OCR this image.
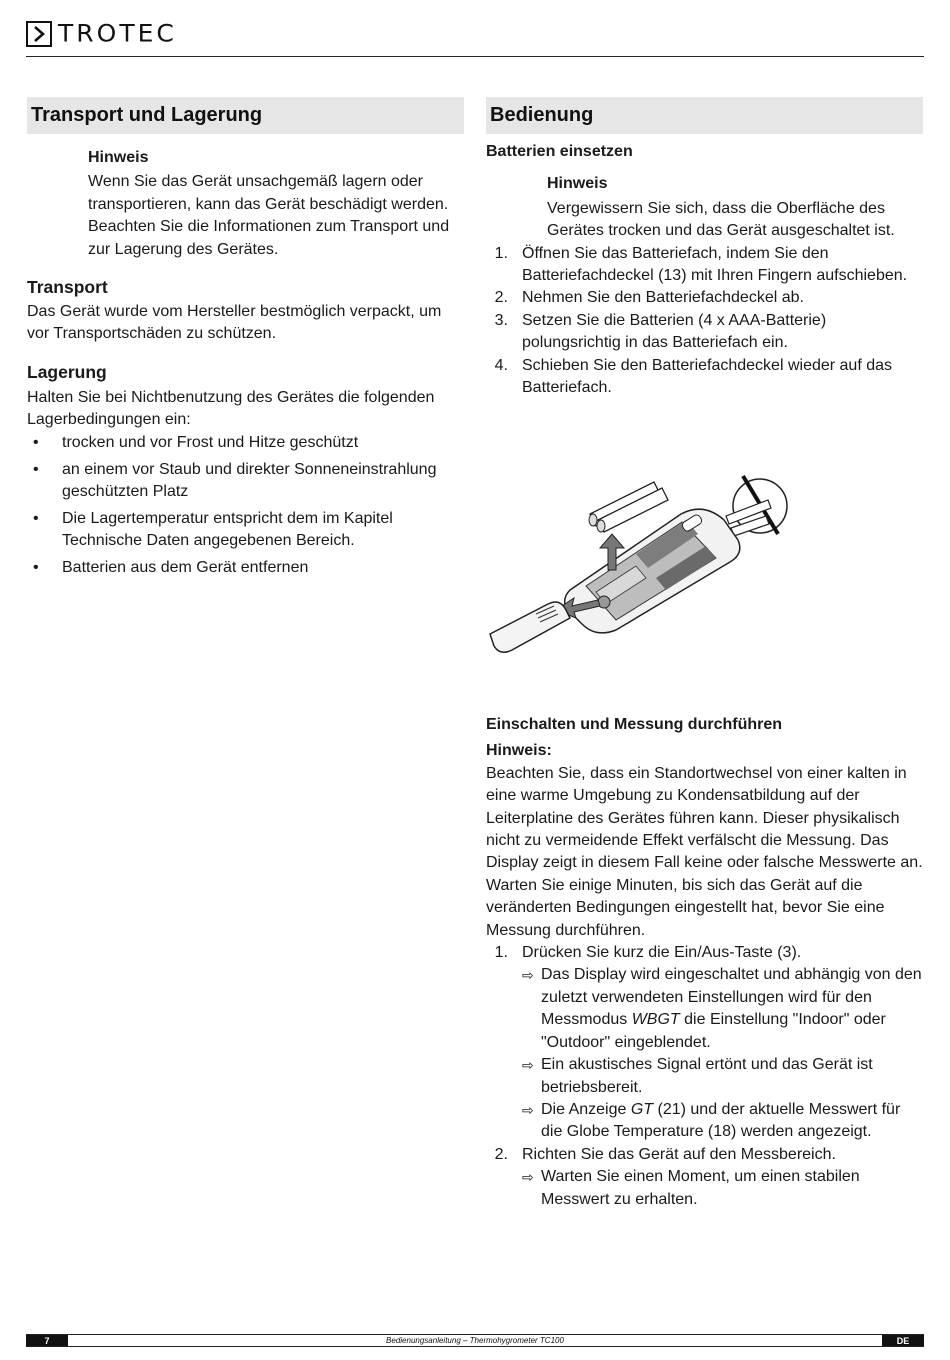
TROTEC
Transport und Lagerung
Hinweis

Wenn Sie das Gerät unsachgemäß lagern oder transportieren, kann das Gerät beschädigt werden. Beachten Sie die Informationen zum Transport und zur Lagerung des Gerätes.

Transport

Das Gerät wurde vom Hersteller bestmöglich verpackt, um vor Transportschäden zu schützen.

Lagerung

Halten Sie bei Nichtbenutzung des Gerätes die folgenden Lagerbedingungen ein:

• trocken und vor Frost und Hitze geschützt
• an einem vor Staub und direkter Sonneneinstrahlung geschützten Platz
• Die Lagertemperatur entspricht dem im Kapitel Technische Daten angegebenen Bereich.
• Batterien aus dem Gerät entfernen
Bedienung
Batterien einsetzen
Hinweis

Vergewissern Sie sich, dass die Oberfläche des Gerätes trocken und das Gerät ausgeschaltet ist.

1. Öffnen Sie das Batteriefach, indem Sie den Batteriefachdeckel (13) mit Ihren Fingern aufschieben.
2. Nehmen Sie den Batteriefachdeckel ab.
3. Setzen Sie die Batterien (4 x AAA-Batterie) polungsrichtig in das Batteriefach ein.
4. Schieben Sie den Batteriefachdeckel wieder auf das Batteriefach.
Einschalten und Messung durchführen
Hinweis:

Beachten Sie, dass ein Standortwechsel von einer kalten in eine warme Umgebung zu Kondensatbildung auf der Leiterplatine des Gerätes führen kann. Dieser physikalisch nicht zu vermeidende Effekt verfälscht die Messung. Das Display zeigt in diesem Fall keine oder falsche Messwerte an. Warten Sie einige Minuten, bis sich das Gerät auf die veränderten Bedingungen eingestellt hat, bevor Sie eine Messung durchführen.

1. Drücken Sie kurz die Ein/Aus-Taste (3).
⇨ Das Display wird eingeschaltet und abhängig von den zuletzt verwendeten Einstellungen wird für den Messmodus WBGT die Einstellung "Indoor" oder "Outdoor" eingeblendet.
⇨ Ein akustisches Signal ertönt und das Gerät ist betriebsbereit.
⇨ Die Anzeige GT (21) und der aktuelle Messwert für die Globe Temperature (18) werden angezeigt.
2. Richten Sie das Gerät auf den Messbereich.
⇨ Warten Sie einen Moment, um einen stabilen Messwert zu erhalten.
7	Bedienungsanleitung – Thermohygrometer TC100	DE
